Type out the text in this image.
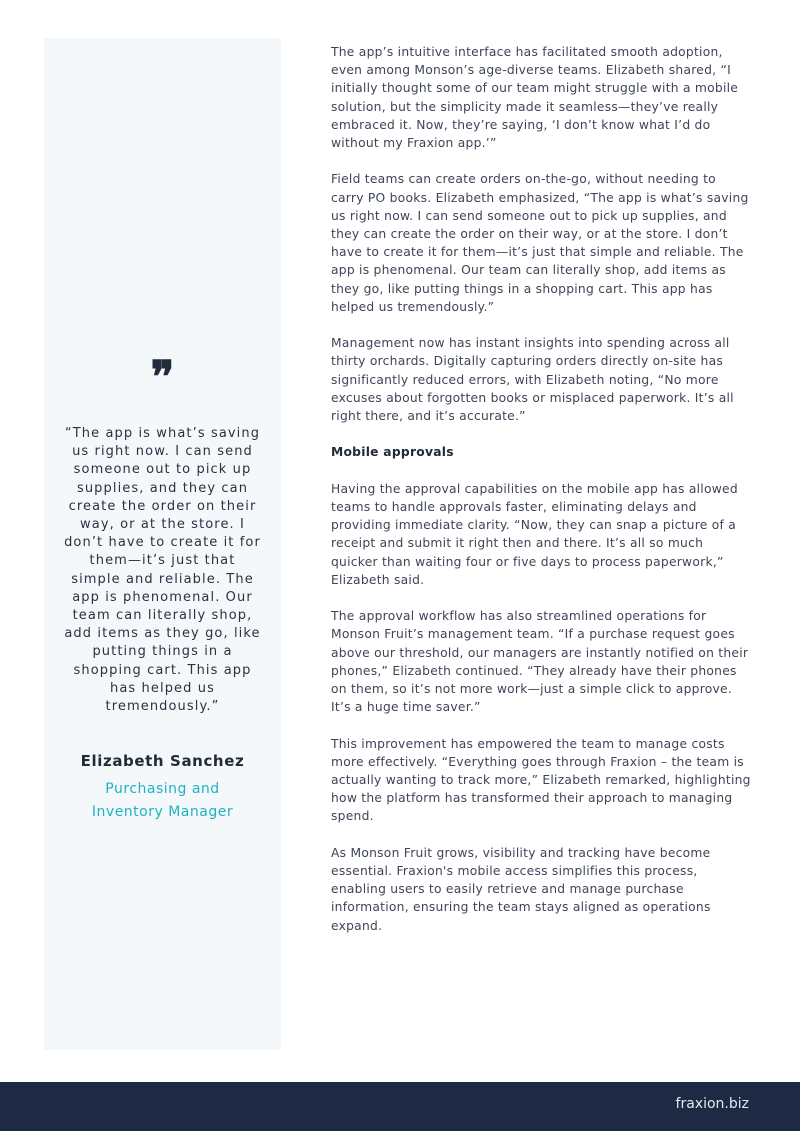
❞
“The app is what’s saving us right now. I can send someone out to pick up supplies, and they can create the order on their way, or at the store. I don’t have to create it for them—it’s just that simple and reliable. The app is phenomenal. Our team can literally shop, add items as they go, like putting things in a shopping cart. This app has helped us tremendously.”
Elizabeth Sanchez
Purchasing and Inventory Manager

The app’s intuitive interface has facilitated smooth adoption, even among Monson’s age-diverse teams. Elizabeth shared, “I initially thought some of our team might struggle with a mobile solution, but the simplicity made it seamless—they’ve really embraced it. Now, they’re saying, ‘I don’t know what I’d do without my Fraxion app.’”

Field teams can create orders on-the-go, without needing to carry PO books. Elizabeth emphasized, “The app is what’s saving us right now. I can send someone out to pick up supplies, and they can create the order on their way, or at the store. I don’t have to create it for them—it’s just that simple and reliable. The app is phenomenal. Our team can literally shop, add items as they go, like putting things in a shopping cart. This app has helped us tremendously.”

Management now has instant insights into spending across all thirty orchards. Digitally capturing orders directly on-site has significantly reduced errors, with Elizabeth noting, “No more excuses about forgotten books or misplaced paperwork. It’s all right there, and it’s accurate.”

Mobile approvals

Having the approval capabilities on the mobile app has allowed teams to handle approvals faster, eliminating delays and providing immediate clarity. “Now, they can snap a picture of a receipt and submit it right then and there. It’s all so much quicker than waiting four or five days to process paperwork,” Elizabeth said.

The approval workflow has also streamlined operations for Monson Fruit’s management team. “If a purchase request goes above our threshold, our managers are instantly notified on their phones,” Elizabeth continued. “They already have their phones on them, so it’s not more work—just a simple click to approve. It’s a huge time saver.”

This improvement has empowered the team to manage costs more effectively. “Everything goes through Fraxion – the team is actually wanting to track more,” Elizabeth remarked, highlighting how the platform has transformed their approach to managing spend.

As Monson Fruit grows, visibility and tracking have become essential. Fraxion's mobile access simplifies this process, enabling users to easily retrieve and manage purchase information, ensuring the team stays aligned as operations expand.

fraxion.biz
